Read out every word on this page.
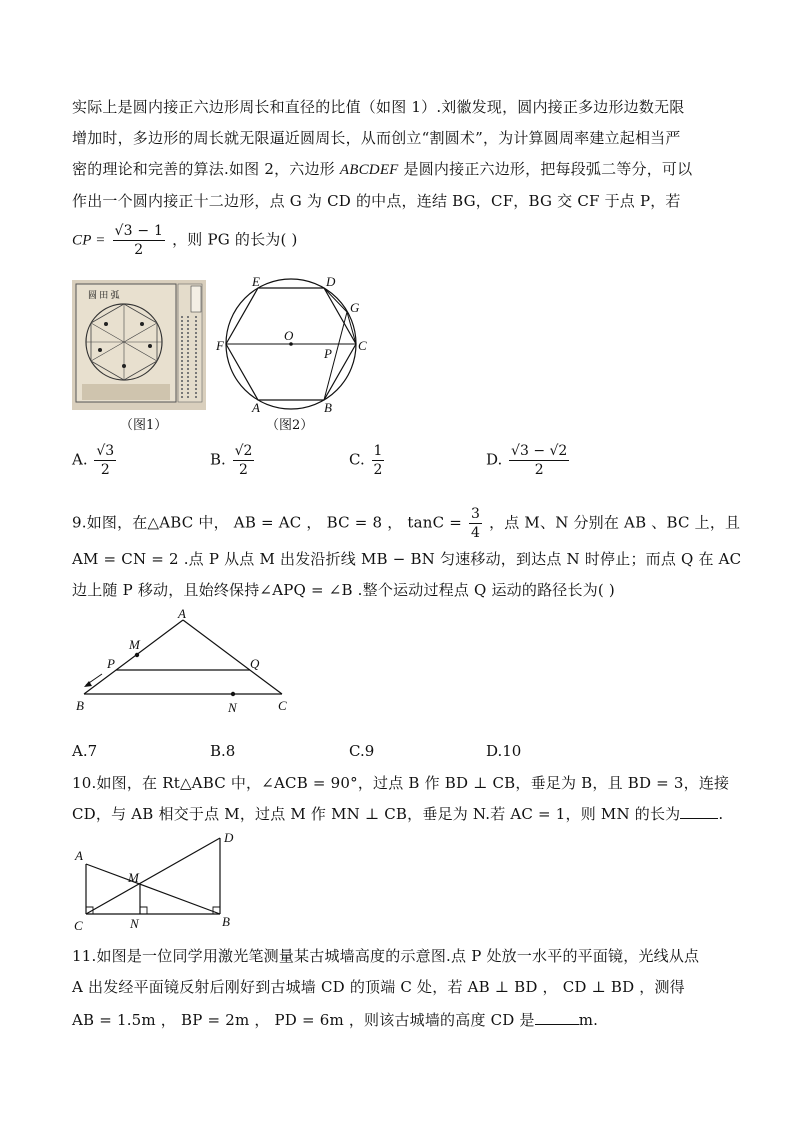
实际上是圆内接正六边形周长和直径的比值（如图 1）.刘徽发现，圆内接正多边形边数无限
增加时，多边形的周长就无限逼近圆周长，从而创立“割圆术”，为计算圆周率建立起相当严
密的理论和完善的算法.如图 2，六边形 ABCDEF 是圆内接正六边形，把每段弧二等分，可以
作出一个圆内接正十二边形，点 G 为 CD 的中点，连结 BG，CF，BG 交 CF 于点 P，若
CP = $\frac{√3 - 1}{2}$ ，则 PG 的长为( )
圆 田 弧
（图1）
E	D
G
F
O
P
C
A	B
（图2）
A. $\frac{√3}{2}$	B. $\frac{√2}{2}$	C. $\frac{1}{2}$	D. $\frac{√3 - √2}{2}$
9.如图，在△ABC 中， AB = AC ， BC = 8 ， $\tan C = \frac{3}{4}$ ，点 M、N 分别在 AB 、BC 上，且
AM = CN = 2 .点 P 从点 M 出发沿折线 MB − BN 匀速移动，到达点 N 时停止；而点 Q 在 AC
边上随 P 移动，且始终保持∠APQ = ∠B .整个运动过程点 Q 运动的路径长为( )
A
M
P	Q
B	N	C
A.7	B.8	C.9	D.10
10.如图，在 Rt△ABC 中，∠ACB = 90°，过点 B 作 BD ⊥ CB，垂足为 B，且 BD = 3，连接
CD，与 AB 相交于点 M，过点 M 作 MN ⊥ CB，垂足为 N.若 AC = 1，则 MN 的长为	.
D
A
M
C	N	B
11.如图是一位同学用激光笔测量某古城墙高度的示意图.点 P 处放一水平的平面镜，光线从点
A 出发经平面镜反射后刚好到古城墙 CD 的顶端 C 处，若 AB ⊥ BD ， CD ⊥ BD ，测得
AB = 1.5m ， BP = 2m ， PD = 6m ，则该古城墙的高度 CD 是	m.
